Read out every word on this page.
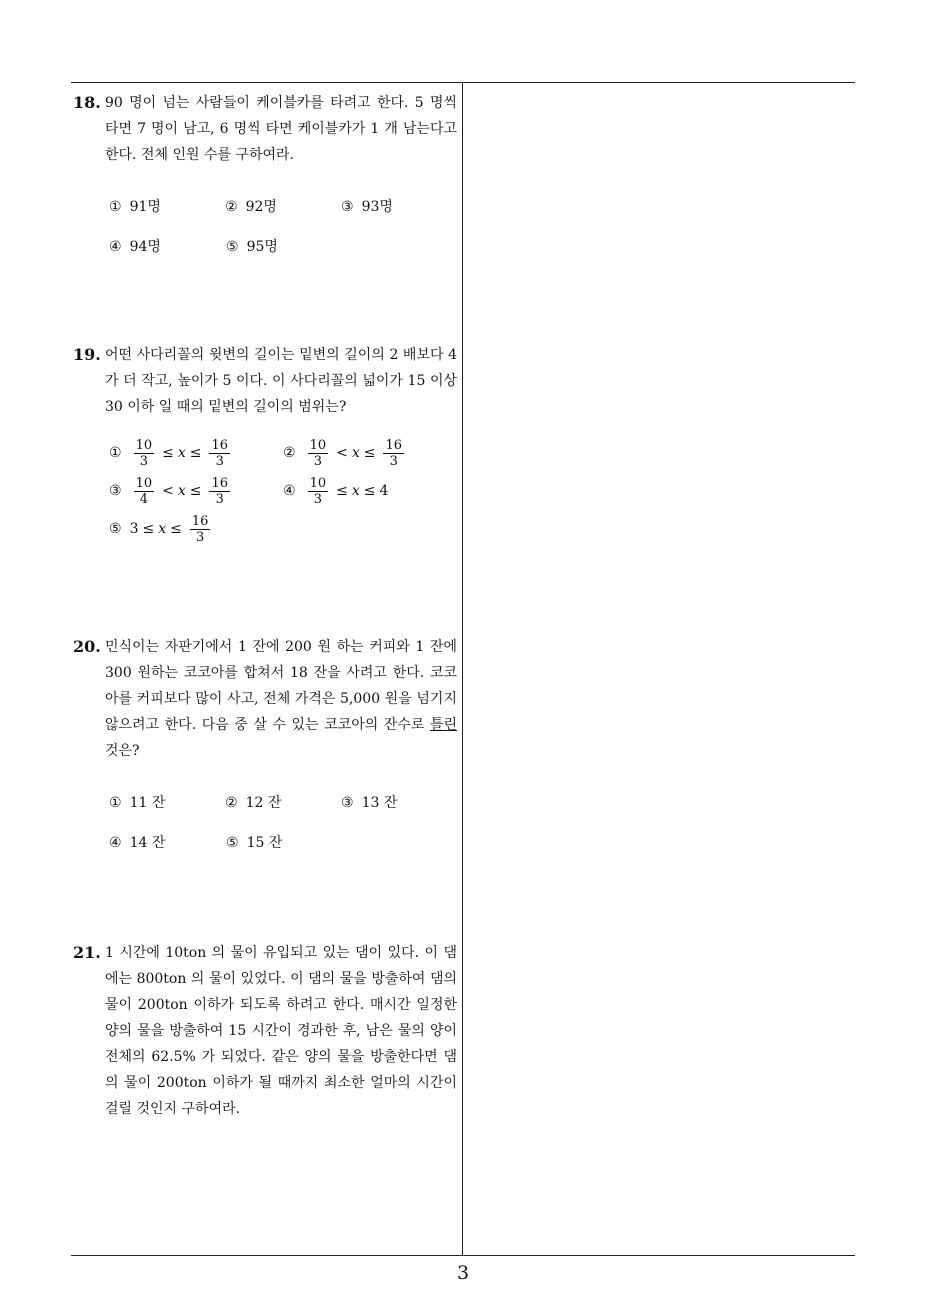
18. 90 명이 넘는 사람들이 케이블카를 타려고 한다. 5 명씩 타면 7 명이 남고, 6 명씩 타면 케이블카가 1 개 남는다고 한다. 전체 인원 수를 구하여라.
① 91명	② 92명	③ 93명
④ 94명	⑤ 95명
19. 어떤 사다리꼴의 윗변의 길이는 밑변의 길이의 2 배보다 4 가 더 작고, 높이가 5 이다. 이 사다리꼴의 넓이가 15 이상 30 이하 일 때의 밑변의 길이의 범위는?
① $\frac{10}{3} \le x \le \frac{16}{3}$	② $\frac{10}{3} < x \le \frac{16}{3}$
③ $\frac{10}{4} < x \le \frac{16}{3}$	④ $\frac{10}{3} \le x \le 4$
⑤ $3 \le x \le \frac{16}{3}$
20. 민식이는 자판기에서 1 잔에 200 원 하는 커피와 1 잔에 300 원하는 코코아를 합쳐서 18 잔을 사려고 한다. 코코아를 커피보다 많이 사고, 전체 가격은 5,000 원을 넘기지 않으려고 한다. 다음 중 살 수 있는 코코아의 잔수로 틀린 것은?
① 11 잔	② 12 잔	③ 13 잔
④ 14 잔	⑤ 15 잔
21. 1 시간에 10ton 의 물이 유입되고 있는 댐이 있다. 이 댐에는 800ton 의 물이 있었다. 이 댐의 물을 방출하여 댐의 물이 200ton 이하가 되도록 하려고 한다. 매시간 일정한 양의 물을 방출하여 15 시간이 경과한 후, 남은 물의 양이 전체의 62.5% 가 되었다. 같은 양의 물을 방출한다면 댐의 물이 200ton 이하가 될 때까지 최소한 얼마의 시간이 걸릴 것인지 구하여라.
3
